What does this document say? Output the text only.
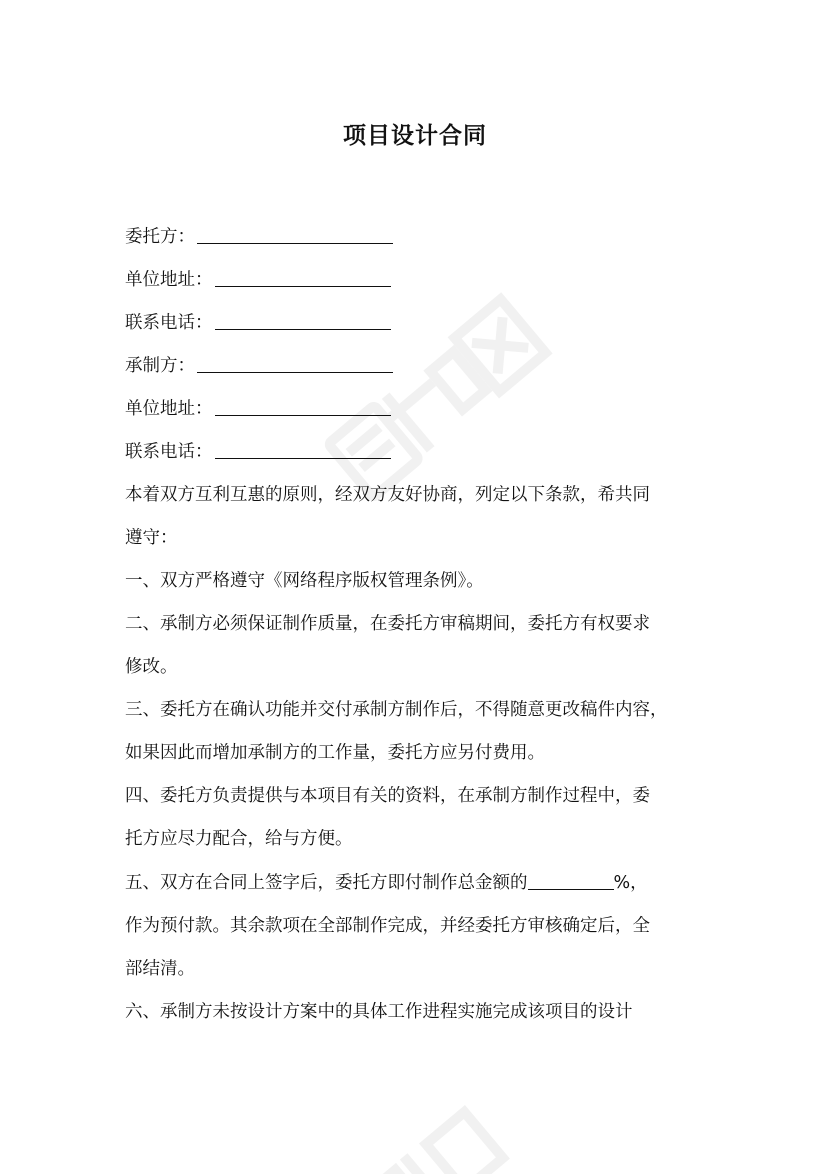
项目设计合同
委托方：
单位地址：
联系电话：
承制方：
单位地址：
联系电话：
本着双方互利互惠的原则，经双方友好协商，列定以下条款，希共同
遵守：
一、双方严格遵守《网络程序版权管理条例》。
二、承制方必须保证制作质量，在委托方审稿期间，委托方有权要求
修改。
三、委托方在确认功能并交付承制方制作后，不得随意更改稿件内容，
如果因此而增加承制方的工作量，委托方应另付费用。
四、委托方负责提供与本项目有关的资料，在承制方制作过程中，委
托方应尽力配合，给与方便。
五、双方在合同上签字后，委托方即付制作总金额的	%，
作为预付款。其余款项在全部制作完成，并经委托方审核确定后，全
部结清。
六、承制方未按设计方案中的具体工作进程实施完成该项目的设计
